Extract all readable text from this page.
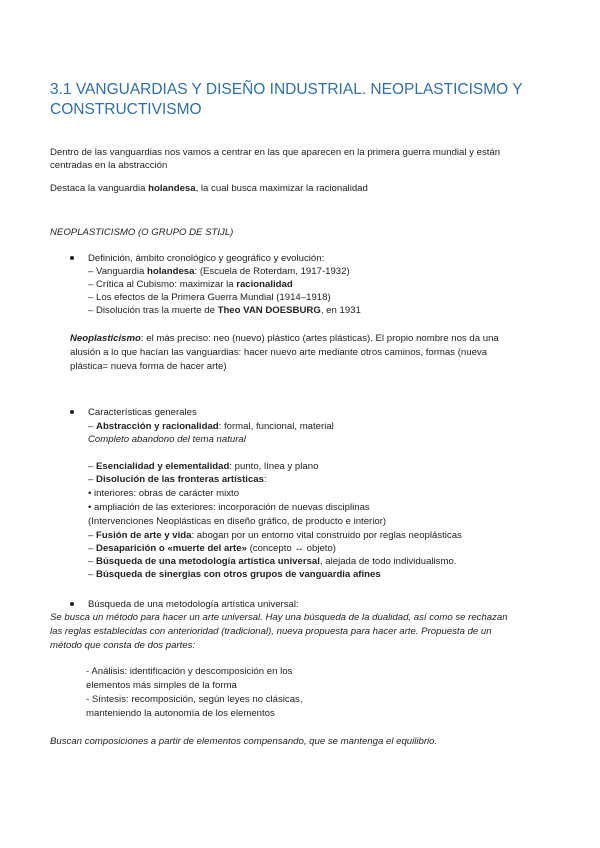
3.1 VANGUARDIAS Y DISEÑO INDUSTRIAL. NEOPLASTICISMO Y CONSTRUCTIVISMO
Dentro de las vanguardias nos vamos a centrar en las que aparecen en la primera guerra mundial y están centradas en la abstracción
Destaca la vanguardia holandesa, la cual busca maximizar la racionalidad
NEOPLASTICISMO (O GRUPO DE STIJL)
Definición, ámbito cronológico y geográfico y evolución:
– Vanguardia holandesa: (Escuela de Roterdam, 1917-1932)
– Crítica al Cubismo: maximizar la racionalidad
– Los efectos de la Primera Guerra Mundial (1914–1918)
– Disolución tras la muerte de Theo VAN DOESBURG, en 1931
Neoplasticismo: el más preciso: neo (nuevo) plástico (artes plásticas). El propio nombre nos da una
alusión a lo que hacían las vanguardias: hacer nuevo arte mediante otros caminos, formas (nueva
plástica= nueva forma de hacer arte)
Características generales
– Abstracción y racionalidad: formal, funcional, material
Completo abandono del tema natural
– Esencialidad y elementalidad: punto, línea y plano
– Disolución de las fronteras artísticas:
• interiores: obras de carácter mixto
• ampliación de las exteriores: incorporación de nuevas disciplinas
(Intervenciones Neoplásticas en diseño gráfico, de producto e interior)
– Fusión de arte y vida: abogan por un entorno vital construido por reglas neoplásticas
– Desaparición o «muerte del arte» (concepto ↔ objeto)
– Búsqueda de una metodología artística universal, alejada de todo individualismo.
– Búsqueda de sinergias con otros grupos de vanguardia afines
Búsqueda de una metodología artística universal:
Se busca un método para hacer un arte universal. Hay una búsqueda de la dualidad, así como se rechazan
las reglas establecidas con anterioridad (tradicional), nueva propuesta para hacer arte. Propuesta de un
método que consta de dos partes:
- Análisis: identificación y descomposición en los
elementos más simples de la forma
- Síntesis: recomposición, según leyes no clásicas,
manteniendo la autonomía de los elementos
Buscan composiciones a partir de elementos compensando, que se mantenga el equilibrio.
